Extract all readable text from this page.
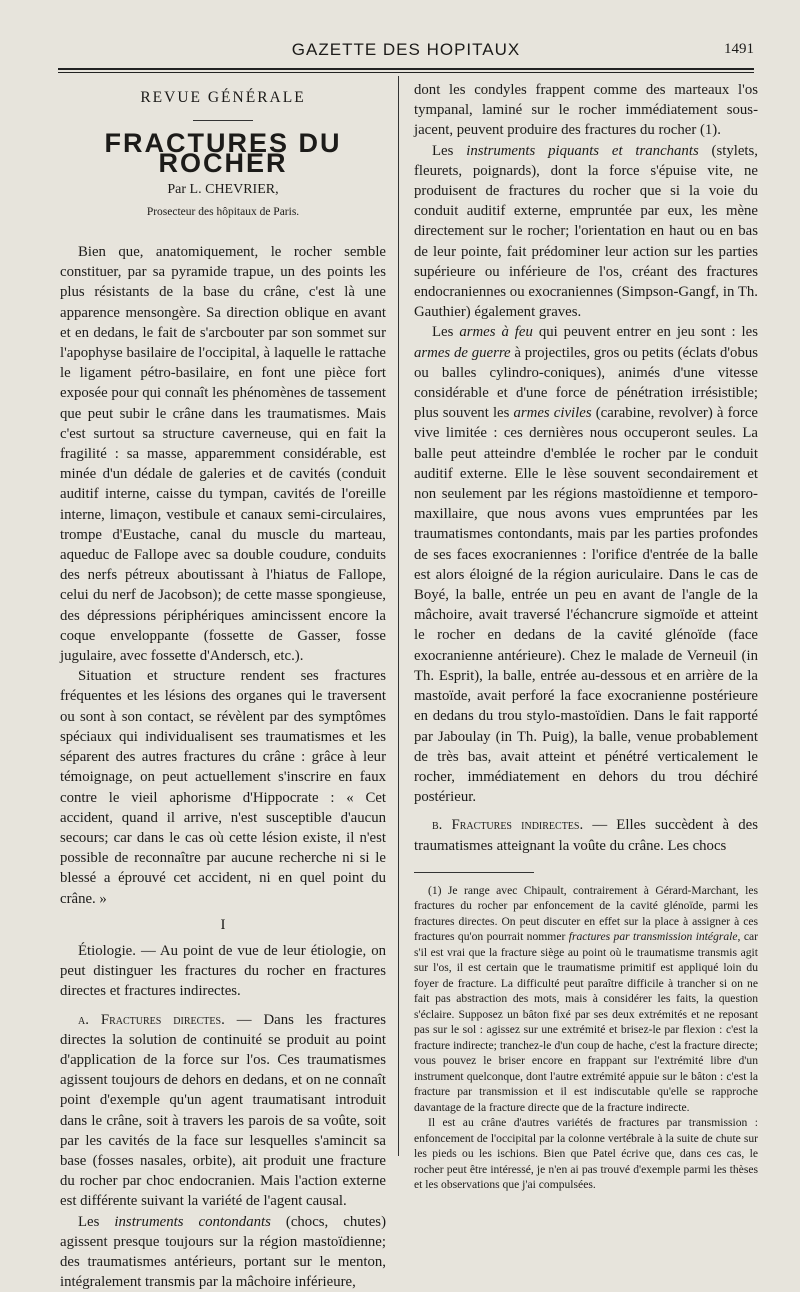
GAZETTE DES HOPITAUX	1491
REVUE GÉNÉRALE
FRACTURES DU ROCHER
Par L. CHEVRIER,
Prosecteur des hôpitaux de Paris.

Bien que, anatomiquement, le rocher semble constituer, par sa pyramide trapue, un des points les plus résistants de la base du crâne, c'est là une apparence mensongère. Sa direction oblique en avant et en dedans, le fait de s'arcbouter par son sommet sur l'apophyse basilaire de l'occipital, à laquelle le rattache le ligament pétro-basilaire, en font une pièce fort exposée pour qui connaît les phénomènes de tassement que peut subir le crâne dans les traumatismes. Mais c'est surtout sa structure caverneuse, qui en fait la fragilité : sa masse, apparemment considérable, est minée d'un dédale de galeries et de cavités (conduit auditif interne, caisse du tympan, cavités de l'oreille interne, limaçon, vestibule et canaux semi-circulaires, trompe d'Eustache, canal du muscle du marteau, aqueduc de Fallope avec sa double coudure, conduits des nerfs pétreux aboutissant à l'hiatus de Fallope, celui du nerf de Jacobson); de cette masse spongieuse, des dépressions périphériques amincissent encore la coque enveloppante (fossette de Gasser, fosse jugulaire, avec fossette d'Andersch, etc.).

Situation et structure rendent ses fractures fréquentes et les lésions des organes qui le traversent ou sont à son contact, se révèlent par des symptômes spéciaux qui individualisent ses traumatismes et les séparent des autres fractures du crâne : grâce à leur témoignage, on peut actuellement s'inscrire en faux contre le vieil aphorisme d'Hippocrate : « Cet accident, quand il arrive, n'est susceptible d'aucun secours; car dans le cas où cette lésion existe, il n'est possible de reconnaître par aucune recherche ni si le blessé a éprouvé cet accident, ni en quel point du crâne. »

I

Étiologie. — Au point de vue de leur étiologie, on peut distinguer les fractures du rocher en fractures directes et fractures indirectes.

a. Fractures directes. — Dans les fractures directes la solution de continuité se produit au point d'application de la force sur l'os. Ces traumatismes agissent toujours de dehors en dedans, et on ne connaît point d'exemple qu'un agent traumatisant introduit dans le crâne, soit à travers les parois de sa voûte, soit par les cavités de la face sur lesquelles s'amincit sa base (fosses nasales, orbite), ait produit une fracture du rocher par choc endocranien. Mais l'action externe est différente suivant la variété de l'agent causal.

Les instruments contondants (chocs, chutes) agissent presque toujours sur la région mastoïdienne; des traumatismes antérieurs, portant sur le menton, intégralement transmis par la mâchoire inférieure,

dont les condyles frappent comme des marteaux l'os tympanal, laminé sur le rocher immédiatement sous-jacent, peuvent produire des fractures du rocher (1).

Les instruments piquants et tranchants (stylets, fleurets, poignards), dont la force s'épuise vite, ne produisent de fractures du rocher que si la voie du conduit auditif externe, empruntée par eux, les mène directement sur le rocher; l'orientation en haut ou en bas de leur pointe, fait prédominer leur action sur les parties supérieure ou inférieure de l'os, créant des fractures endocraniennes ou exocraniennes (Simpson-Gangf, in Th. Gauthier) également graves.

Les armes à feu qui peuvent entrer en jeu sont : les armes de guerre à projectiles, gros ou petits (éclats d'obus ou balles cylindro-coniques), animés d'une vitesse considérable et d'une force de pénétration irrésistible; plus souvent les armes civiles (carabine, revolver) à force vive limitée : ces dernières nous occuperont seules. La balle peut atteindre d'emblée le rocher par le conduit auditif externe. Elle le lèse souvent secondairement et non seulement par les régions mastoïdienne et temporo-maxillaire, que nous avons vues empruntées par les traumatismes contondants, mais par les parties profondes de ses faces exocraniennes : l'orifice d'entrée de la balle est alors éloigné de la région auriculaire. Dans le cas de Boyé, la balle, entrée un peu en avant de l'angle de la mâchoire, avait traversé l'échancrure sigmoïde et atteint le rocher en dedans de la cavité glénoïde (face exocranienne antérieure). Chez le malade de Verneuil (in Th. Esprit), la balle, entrée au-dessous et en arrière de la mastoïde, avait perforé la face exocranienne postérieure en dedans du trou stylo-mastoïdien. Dans le fait rapporté par Jaboulay (in Th. Puig), la balle, venue probablement de très bas, avait atteint et pénétré verticalement le rocher, immédiatement en dehors du trou déchiré postérieur.

b. Fractures indirectes. — Elles succèdent à des traumatismes atteignant la voûte du crâne. Les chocs

(1) Je range avec Chipault, contrairement à Gérard-Marchant, les fractures du rocher par enfoncement de la cavité glénoïde, parmi les fractures directes. On peut discuter en effet sur la place à assigner à ces fractures qu'on pourrait nommer fractures par transmission intégrale, car s'il est vrai que la fracture siège au point où le traumatisme transmis agit sur l'os, il est certain que le traumatisme primitif est appliqué loin du foyer de fracture. La difficulté peut paraître difficile à trancher si on ne fait pas abstraction des mots, mais à considérer les faits, la question s'éclaire. Supposez un bâton fixé par ses deux extrémités et ne reposant pas sur le sol : agissez sur une extrémité et brisez-le par flexion : c'est la fracture indirecte; tranchez-le d'un coup de hache, c'est la fracture directe; vous pouvez le briser encore en frappant sur l'extrémité libre d'un instrument quelconque, dont l'autre extrémité appuie sur le bâton : c'est la fracture par transmission et il est indiscutable qu'elle se rapproche davantage de la fracture directe que de la fracture indirecte.

Il est au crâne d'autres variétés de fractures par transmission : enfoncement de l'occipital par la colonne vertébrale à la suite de chute sur les pieds ou les ischions. Bien que Patel écrive que, dans ces cas, le rocher peut être intéressé, je n'en ai pas trouvé d'exemple parmi les thèses et les observations que j'ai compulsées.
